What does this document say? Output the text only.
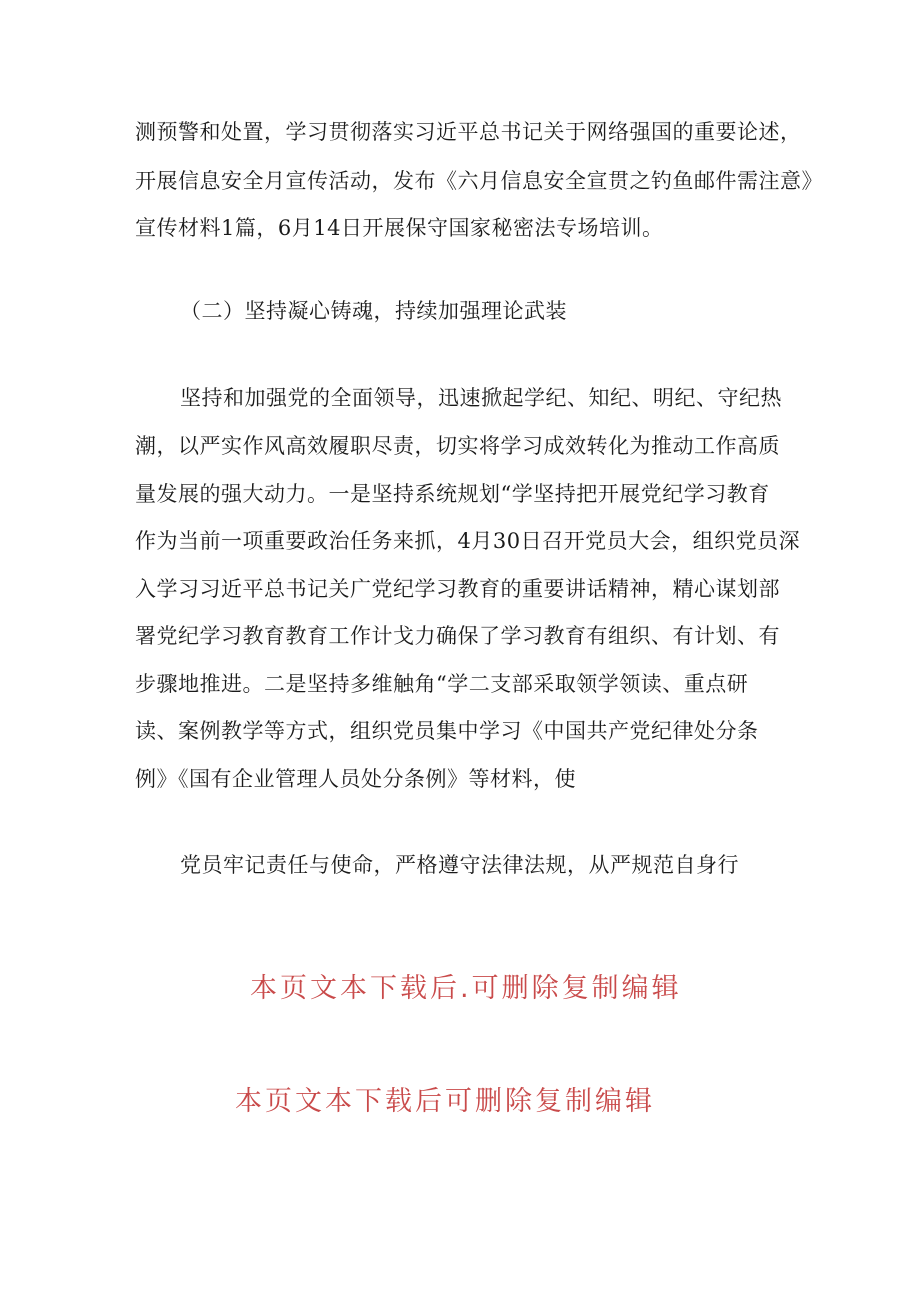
测预警和处置，学习贯彻落实习近平总书记关于网络强国的重要论述，
开展信息安全月宣传活动，发布《六月信息安全宣贯之钓鱼邮件需注意》
宣传材料1篇，6月14日开展保守国家秘密法专场培训。
（二）坚持凝心铸魂，持续加强理论武装
坚持和加强党的全面领导，迅速掀起学纪、知纪、明纪、守纪热
潮，以严实作风高效履职尽责，切实将学习成效转化为推动工作高质
量发展的强大动力。一是坚持系统规划“学坚持把开展党纪学习教育
作为当前一项重要政治任务来抓，4月30日召开党员大会，组织党员深
入学习习近平总书记关广党纪学习教育的重要讲话精神，精心谋划部
署党纪学习教育教育工作计戈力确保了学习教育有组织、有计划、有
步骤地推进。二是坚持多维触角“学二支部采取领学领读、重点研
读、案例教学等方式，组织党员集中学习《中国共产党纪律处分条
例》《国有企业管理人员处分条例》等材料，使
党员牢记责任与使命，严格遵守法律法规，从严规范自身行
本页文本下载后.可删除复制编辑
本页文本下载后可删除复制编辑
